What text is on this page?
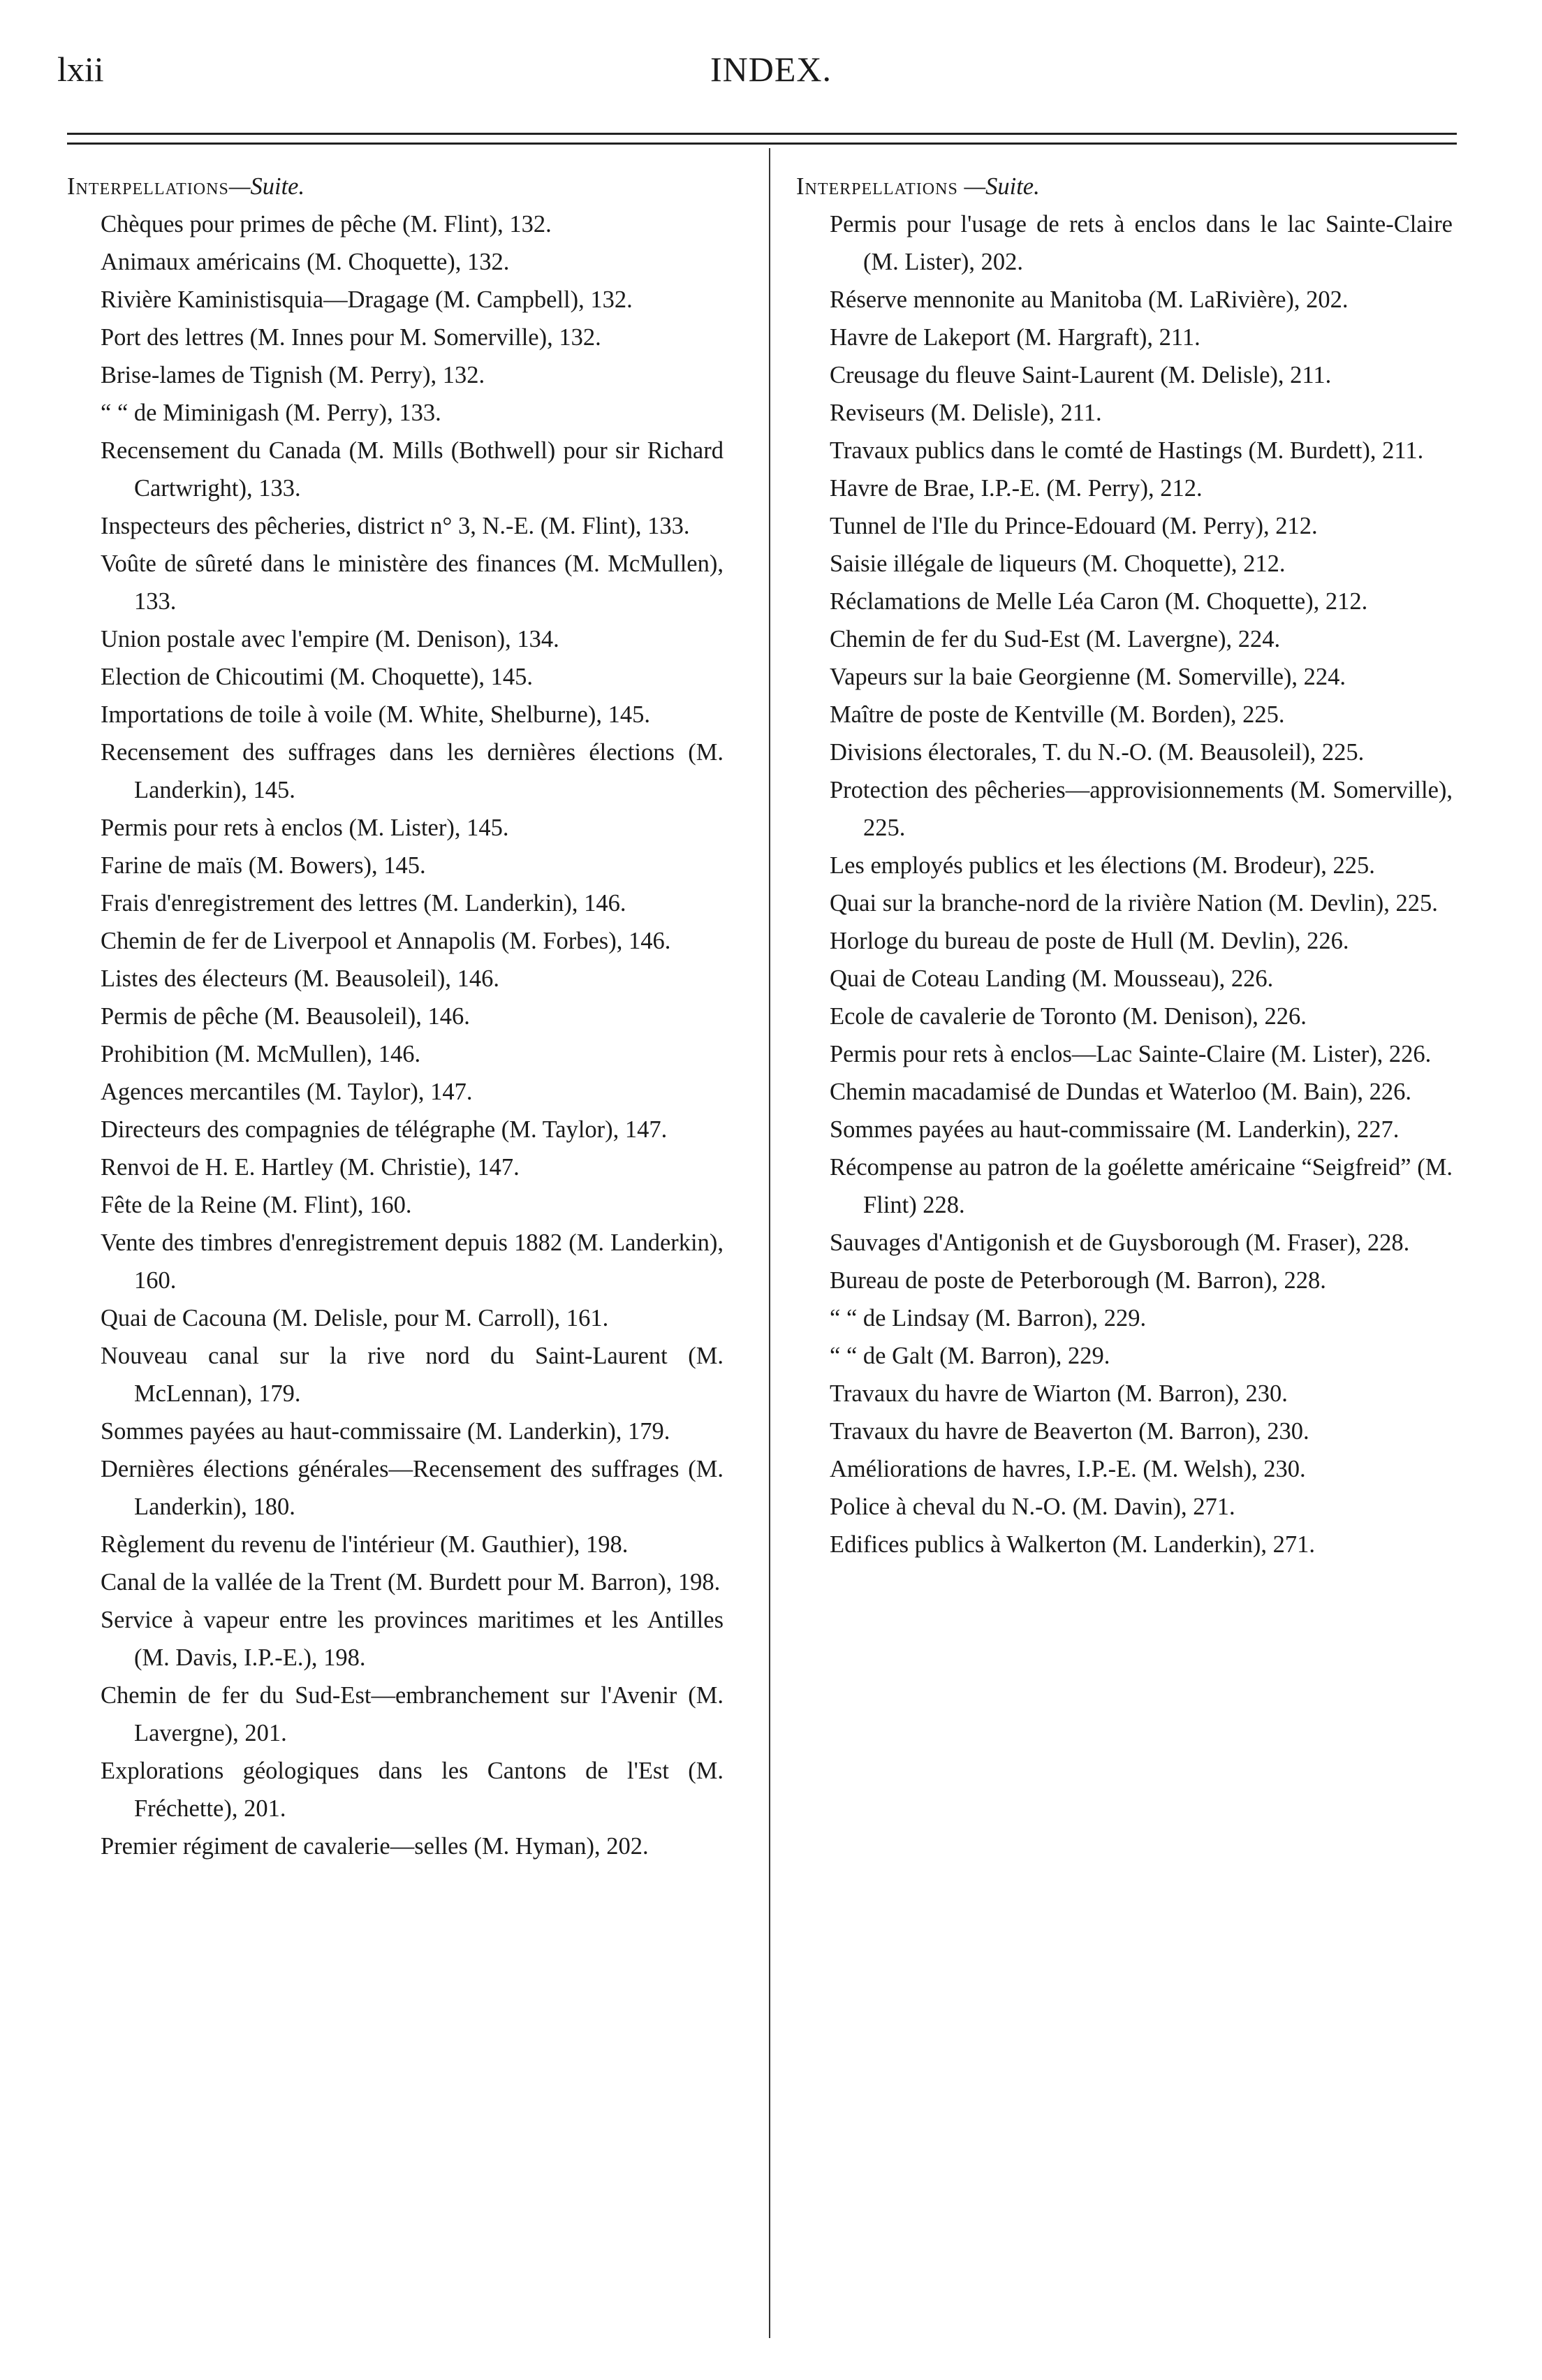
lxii	INDEX.
Interpellations—Suite.
Chèques pour primes de pêche (M. Flint), 132.
Animaux américains (M. Choquette), 132.
Rivière Kaministisquia—Dragage (M. Campbell), 132.
Port des lettres (M. Innes pour M. Somerville), 132.
Brise-lames de Tignish (M. Perry), 132.
“ “ de Miminigash (M. Perry), 133.
Recensement du Canada (M. Mills (Bothwell) pour sir Richard Cartwright), 133.
Inspecteurs des pêcheries, district n° 3, N.-E. (M. Flint), 133.
Voûte de sûreté dans le ministère des finances (M. McMullen), 133.
Union postale avec l'empire (M. Denison), 134.
Election de Chicoutimi (M. Choquette), 145.
Importations de toile à voile (M. White, Shelburne), 145.
Recensement des suffrages dans les dernières élections (M. Landerkin), 145.
Permis pour rets à enclos (M. Lister), 145.
Farine de maïs (M. Bowers), 145.
Frais d'enregistrement des lettres (M. Landerkin), 146.
Chemin de fer de Liverpool et Annapolis (M. Forbes), 146.
Listes des électeurs (M. Beausoleil), 146.
Permis de pêche (M. Beausoleil), 146.
Prohibition (M. McMullen), 146.
Agences mercantiles (M. Taylor), 147.
Directeurs des compagnies de télégraphe (M. Taylor), 147.
Renvoi de H. E. Hartley (M. Christie), 147.
Fête de la Reine (M. Flint), 160.
Vente des timbres d'enregistrement depuis 1882 (M. Landerkin), 160.
Quai de Cacouna (M. Delisle, pour M. Carroll), 161.
Nouveau canal sur la rive nord du Saint-Laurent (M. McLennan), 179.
Sommes payées au haut-commissaire (M. Landerkin), 179.
Dernières élections générales—Recensement des suffrages (M. Landerkin), 180.
Règlement du revenu de l'intérieur (M. Gauthier), 198.
Canal de la vallée de la Trent (M. Burdett pour M. Barron), 198.
Service à vapeur entre les provinces maritimes et les Antilles (M. Davis, I.P.-E.), 198.
Chemin de fer du Sud-Est—embranchement sur l'Avenir (M. Lavergne), 201.
Explorations géologiques dans les Cantons de l'Est (M. Fréchette), 201.
Premier régiment de cavalerie—selles (M. Hyman), 202.
Interpellations —Suite.
Permis pour l'usage de rets à enclos dans le lac Sainte-Claire (M. Lister), 202.
Réserve mennonite au Manitoba (M. LaRivière), 202.
Havre de Lakeport (M. Hargraft), 211.
Creusage du fleuve Saint-Laurent (M. Delisle), 211.
Reviseurs (M. Delisle), 211.
Travaux publics dans le comté de Hastings (M. Burdett), 211.
Havre de Brae, I.P.-E. (M. Perry), 212.
Tunnel de l'Ile du Prince-Edouard (M. Perry), 212.
Saisie illégale de liqueurs (M. Choquette), 212.
Réclamations de Melle Léa Caron (M. Choquette), 212.
Chemin de fer du Sud-Est (M. Lavergne), 224.
Vapeurs sur la baie Georgienne (M. Somerville), 224.
Maître de poste de Kentville (M. Borden), 225.
Divisions électorales, T. du N.-O. (M. Beausoleil), 225.
Protection des pêcheries—approvisionnements (M. Somerville), 225.
Les employés publics et les élections (M. Brodeur), 225.
Quai sur la branche-nord de la rivière Nation (M. Devlin), 225.
Horloge du bureau de poste de Hull (M. Devlin), 226.
Quai de Coteau Landing (M. Mousseau), 226.
Ecole de cavalerie de Toronto (M. Denison), 226.
Permis pour rets à enclos—Lac Sainte-Claire (M. Lister), 226.
Chemin macadamisé de Dundas et Waterloo (M. Bain), 226.
Sommes payées au haut-commissaire (M. Landerkin), 227.
Récompense au patron de la goélette américaine “Seigfreid” (M. Flint) 228.
Sauvages d'Antigonish et de Guysborough (M. Fraser), 228.
Bureau de poste de Peterborough (M. Barron), 228.
“ “ de Lindsay (M. Barron), 229.
“ “ de Galt (M. Barron), 229.
Travaux du havre de Wiarton (M. Barron), 230.
Travaux du havre de Beaverton (M. Barron), 230.
Améliorations de havres, I.P.-E. (M. Welsh), 230.
Police à cheval du N.-O. (M. Davin), 271.
Edifices publics à Walkerton (M. Landerkin), 271.
